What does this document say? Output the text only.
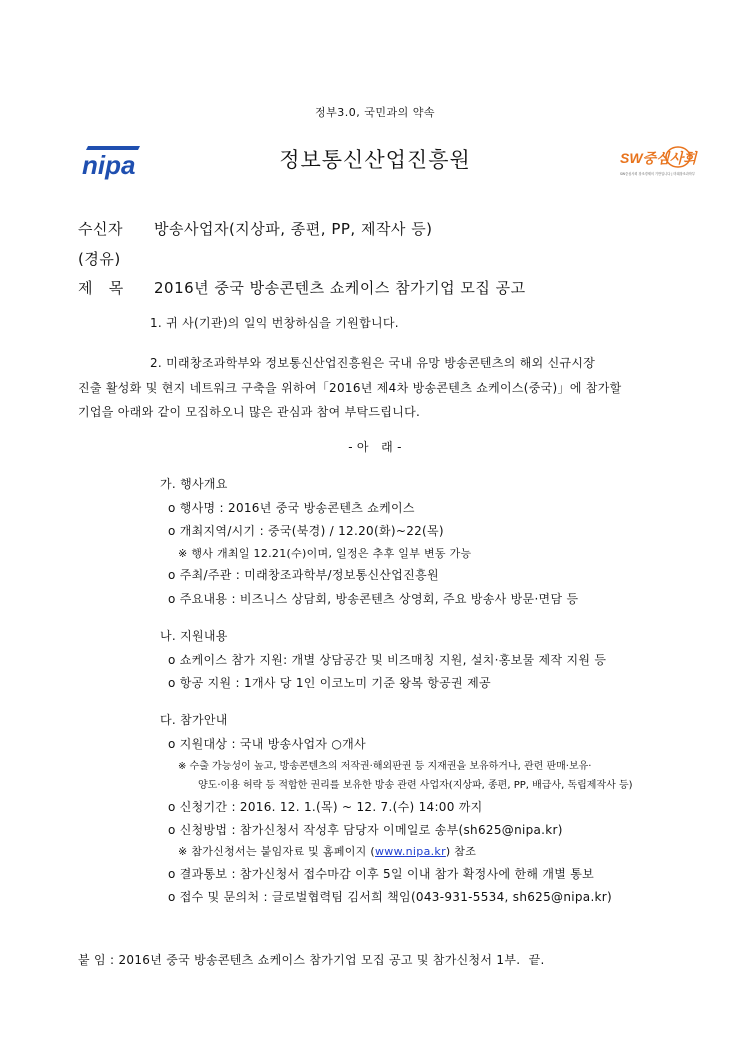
정부3.0, 국민과의 약속
nipa	정보통신산업진흥원	SW중심사회
SW중심사회 창조경제의 기반입니다 | 미래창조과학부
수신자 방송사업자(지상파, 종편, PP, 제작사 등)
(경유)
제   목 2016년 중국 방송콘텐츠 쇼케이스 참가기업 모집 공고
1. 귀 사(기관)의 일익 번창하심을 기원합니다.
2. 미래창조과학부와 정보통신산업진흥원은 국내 유망 방송콘텐츠의 해외 신규시장
진출 활성화 및 현지 네트워크 구축을 위하여「2016년 제4차 방송콘텐츠 쇼케이스(중국)」에 참가할
기업을 아래와 같이 모집하오니 많은 관심과 참여 부탁드립니다.
- 아   래 -
가. 행사개요
o 행사명 : 2016년 중국 방송콘텐츠 쇼케이스
o 개최지역/시기 : 중국(북경) / 12.20(화)~22(목)
※ 행사 개최일 12.21(수)이며, 일정은 추후 일부 변동 가능
o 주최/주관 : 미래창조과학부/정보통신산업진흥원
o 주요내용 : 비즈니스 상담회, 방송콘텐츠 상영회, 주요 방송사 방문·면담 등
나. 지원내용
o 쇼케이스 참가 지원: 개별 상담공간 및 비즈매칭 지원, 설치·홍보물 제작 지원 등
o 항공 지원 : 1개사 당 1인 이코노미 기준 왕복 항공권 제공
다. 참가안내
o 지원대상 : 국내 방송사업자 ○개사
※ 수출 가능성이 높고, 방송콘텐츠의 저작권·해외판권 등 지재권을 보유하거나, 관련 판매·보유·
양도·이용 허락 등 적합한 권리를 보유한 방송 관련 사업자(지상파, 종편, PP, 배급사, 독립제작사 등)
o 신청기간 : 2016. 12. 1.(목) ~ 12. 7.(수) 14:00 까지
o 신청방법 : 참가신청서 작성후 담당자 이메일로 송부(sh625@nipa.kr)
※ 참가신청서는 붙임자료 및 홈페이지 (www.nipa.kr) 참조
o 결과통보 : 참가신청서 접수마감 이후 5일 이내 참가 확정사에 한해 개별 통보
o 접수 및 문의처 : 글로벌협력팀 김서희 책임(043-931-5534, sh625@nipa.kr)
붙 임 : 2016년 중국 방송콘텐츠 쇼케이스 참가기업 모집 공고 및 참가신청서 1부.  끝.
